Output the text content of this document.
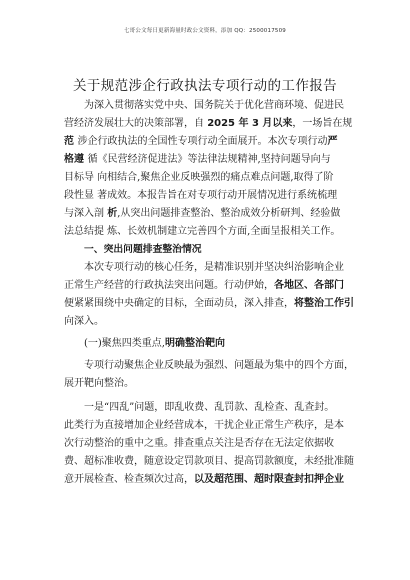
七哥公文每日更新海量时政公文资料，添加 QQ：2500017509
关于规范涉企行政执法专项行动的工作报告
为深入贯彻落实党中央、国务院关于优化营商环境、促进民
营经济发展壮大的决策部署，自 2025 年 3 月以来，一场旨在规
范 涉企行政执法的全国性专项行动全面展开。本次专项行动严
格遵 循《民营经济促进法》等法律法规精神,坚持问题导向与
目标导 向相结合,聚焦企业反映强烈的痛点难点问题,取得了阶
段性显 著成效。本报告旨在对专项行动开展情况进行系统梳理
与深入剖 析,从突出问题排查整治、整治成效分析研判、经验做
法总结提 炼、长效机制建立完善四个方面,全面呈报相关工作。
一、突出问题排查整治情况
本次专项行动的核心任务，是精准识别并坚决纠治影响企业
正常生产经营的行政执法突出问题。行动伊始，各地区、各部门
便紧紧围绕中央确定的目标，全面动员，深入排查，将整治工作引
向深入。
(一)聚焦四类重点,明确整治靶向
专项行动聚焦企业反映最为强烈、问题最为集中的四个方面，
展开靶向整治。
一是“四乱”问题，即乱收费、乱罚款、乱检查、乱查封。
此类行为直接增加企业经营成本，干扰企业正常生产秩序，是本
次行动整治的重中之重。排查重点关注是否存在无法定依据收
费、超标准收费，随意设定罚款项目、提高罚款额度，未经批准随
意开展检查、检查频次过高，以及超范围、超时限查封扣押企业
